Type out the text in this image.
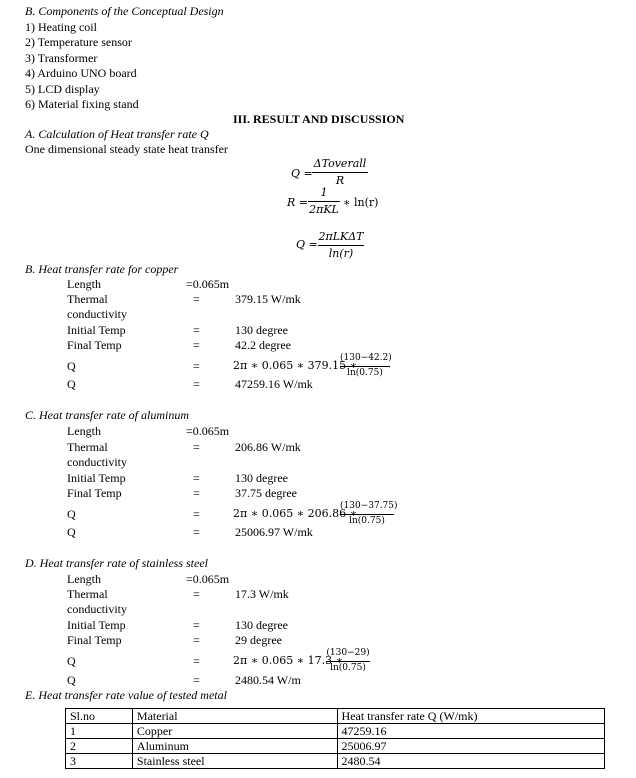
B. Components of the Conceptual Design
1) Heating coil
2) Temperature sensor
3) Transformer
4) Arduino UNO board
5) LCD display
6) Material fixing stand
III. RESULT AND DISCUSSION
A. Calculation of Heat transfer rate Q
One dimensional steady state heat transfer
Q =
ΔToverall
R
R =
1
2πKL
∗ ln(r)
Q =
2πLKΔT
ln(r)
B. Heat transfer rate for copper
Length	=0.065m
Thermal	=	379.15 W/mk
conductivity
Initial Temp	=	130 degree
Final Temp	=	42.2 degree
Q	=	2π ∗ 0.065 ∗ 379.15 ∗
(130−42.2)
ln(0.75)
Q	=	47259.16 W/mk
C. Heat transfer rate of aluminum
Length	=0.065m
Thermal	=	206.86 W/mk
conductivity
Initial Temp	=	130 degree
Final Temp	=	37.75 degree
Q	=	2π ∗ 0.065 ∗ 206.86 ∗
(130−37.75)
ln(0.75)
Q	=	25006.97 W/mk
D. Heat transfer rate of stainless steel
Length	=0.065m
Thermal	=	17.3 W/mk
conductivity
Initial Temp	=	130 degree
Final Temp	=	29 degree
Q	=	2π ∗ 0.065 ∗ 17.3 ∗
(130−29)
ln(0.75)
Q	=	2480.54 W/m
E. Heat transfer rate value of tested metal
Sl.no	Material	Heat transfer rate Q (W/mk)
1	Copper	47259.16
2	Aluminum	25006.97
3	Stainless steel	2480.54
